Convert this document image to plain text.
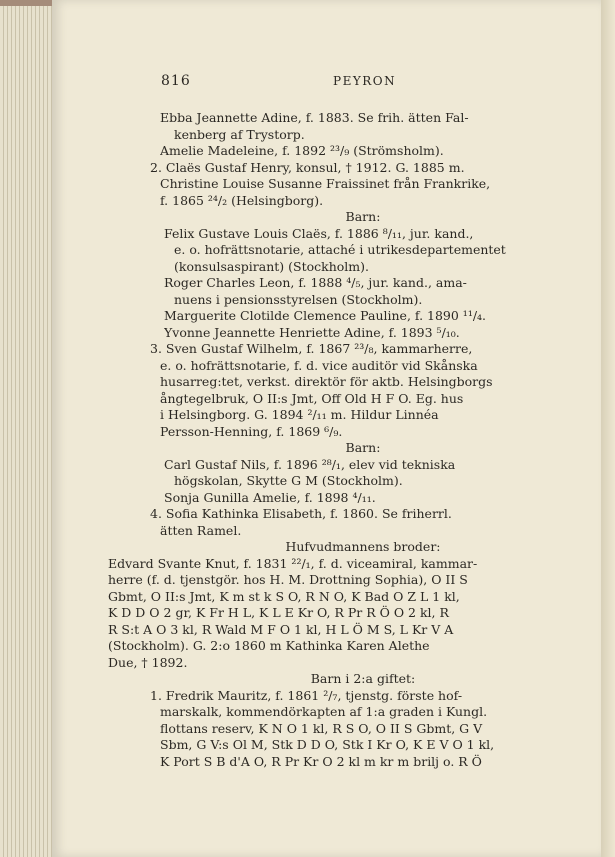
816	PEYRON
Ebba Jeannette Adine, f. 1883. Se frih. ätten Fal-
kenberg af Trystorp.
Amelie Madeleine, f. 1892 ²³/₉ (Strömsholm).
2. Claës Gustaf Henry, konsul, † 1912. G. 1885 m.
Christine Louise Susanne Fraissinet från Frankrike,
f. 1865 ²⁴/₂ (Helsingborg).
Barn:
Felix Gustave Louis Claës, f. 1886 ⁸/₁₁, jur. kand.,
e. o. hofrättsnotarie, attaché i utrikesdepartementet
(konsulsaspirant) (Stockholm).
Roger Charles Leon, f. 1888 ⁴/₅, jur. kand., ama-
nuens i pensionsstyrelsen (Stockholm).
Marguerite Clotilde Clemence Pauline, f. 1890 ¹¹/₄.
Yvonne Jeannette Henriette Adine, f. 1893 ⁵/₁₀.
3. Sven Gustaf Wilhelm, f. 1867 ²³/₈, kammarherre,
e. o. hofrättsnotarie, f. d. vice auditör vid Skånska
husarreg:tet, verkst. direktör för aktb. Helsingborgs
ångtegelbruk, O II:s Jmt, Off Old H F O. Eg. hus
i Helsingborg. G. 1894 ²/₁₁ m. Hildur Linnéa
Persson-Henning, f. 1869 ⁶/₉.
Barn:
Carl Gustaf Nils, f. 1896 ²⁸/₁, elev vid tekniska
högskolan, Skytte G M (Stockholm).
Sonja Gunilla Amelie, f. 1898 ⁴/₁₁.
4. Sofia Kathinka Elisabeth, f. 1860. Se friherrl.
ätten Ramel.
Hufvudmannens broder:
Edvard Svante Knut, f. 1831 ²²/₁, f. d. viceamiral, kammar-
herre (f. d. tjenstgör. hos H. M. Drottning Sophia), O II S
Gbmt, O II:s Jmt, K m st k S O, R N O, K Bad O Z L 1 kl,
K D D O 2 gr, K Fr H L, K L E Kr O, R Pr R Ö O 2 kl, R
R S:t A O 3 kl, R Wald M F O 1 kl, H L Ö M S, L Kr V A
(Stockholm). G. 2:o 1860 m Kathinka Karen Alethe
Due, † 1892.
Barn i 2:a giftet:
1. Fredrik Mauritz, f. 1861 ²/₇, tjenstg. förste hof-
marskalk, kommendörkapten af 1:a graden i Kungl.
flottans reserv, K N O 1 kl, R S O, O II S Gbmt, G V
Sbm, G V:s Ol M, Stk D D O, Stk I Kr O, K E V O 1 kl,
K Port S B d'A O, R Pr Kr O 2 kl m kr m brilj o. R Ö
